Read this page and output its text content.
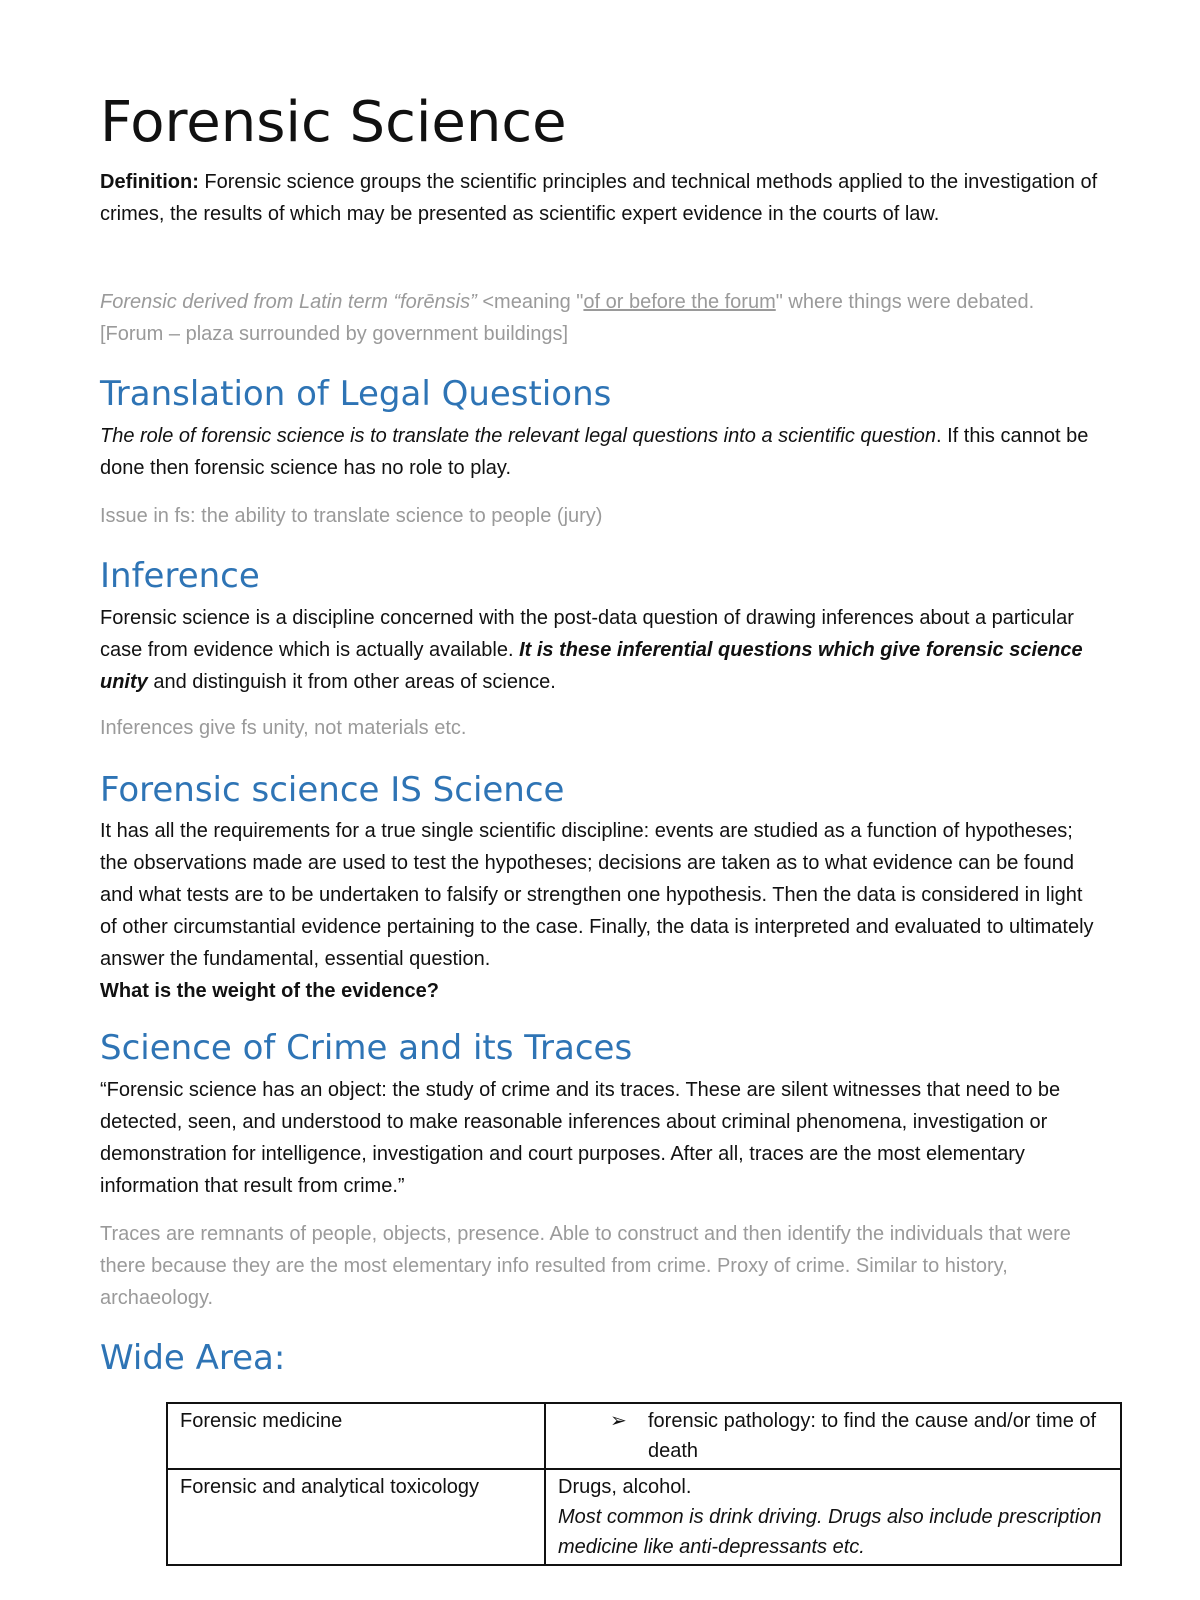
Forensic Science

Definition: Forensic science groups the scientific principles and technical methods applied to the investigation of crimes, the results of which may be presented as scientific expert evidence in the courts of law.

Forensic derived from Latin term “forēnsis” <meaning "of or before the forum" where things were debated. [Forum – plaza surrounded by government buildings]

Translation of Legal Questions

The role of forensic science is to translate the relevant legal questions into a scientific question. If this cannot be done then forensic science has no role to play.

Issue in fs: the ability to translate science to people (jury)

Inference

Forensic science is a discipline concerned with the post-data question of drawing inferences about a particular case from evidence which is actually available. It is these inferential questions which give forensic science unity and distinguish it from other areas of science.

Inferences give fs unity, not materials etc.

Forensic science IS Science

It has all the requirements for a true single scientific discipline: events are studied as a function of hypotheses; the observations made are used to test the hypotheses; decisions are taken as to what evidence can be found and what tests are to be undertaken to falsify or strengthen one hypothesis. Then the data is considered in light of other circumstantial evidence pertaining to the case. Finally, the data is interpreted and evaluated to ultimately answer the fundamental, essential question.
What is the weight of the evidence?

Science of Crime and its Traces

“Forensic science has an object: the study of crime and its traces. These are silent witnesses that need to be detected, seen, and understood to make reasonable inferences about criminal phenomena, investigation or demonstration for intelligence, investigation and court purposes. After all, traces are the most elementary information that result from crime.”

Traces are remnants of people, objects, presence. Able to construct and then identify the individuals that were there because they are the most elementary info resulted from crime. Proxy of crime. Similar to history, archaeology.

Wide Area:
Forensic medicine	➢ forensic pathology: to find the cause and/or time of death

Forensic and analytical toxicology	Drugs, alcohol.
Most common is drink driving. Drugs also include prescription medicine like anti-depressants etc.
